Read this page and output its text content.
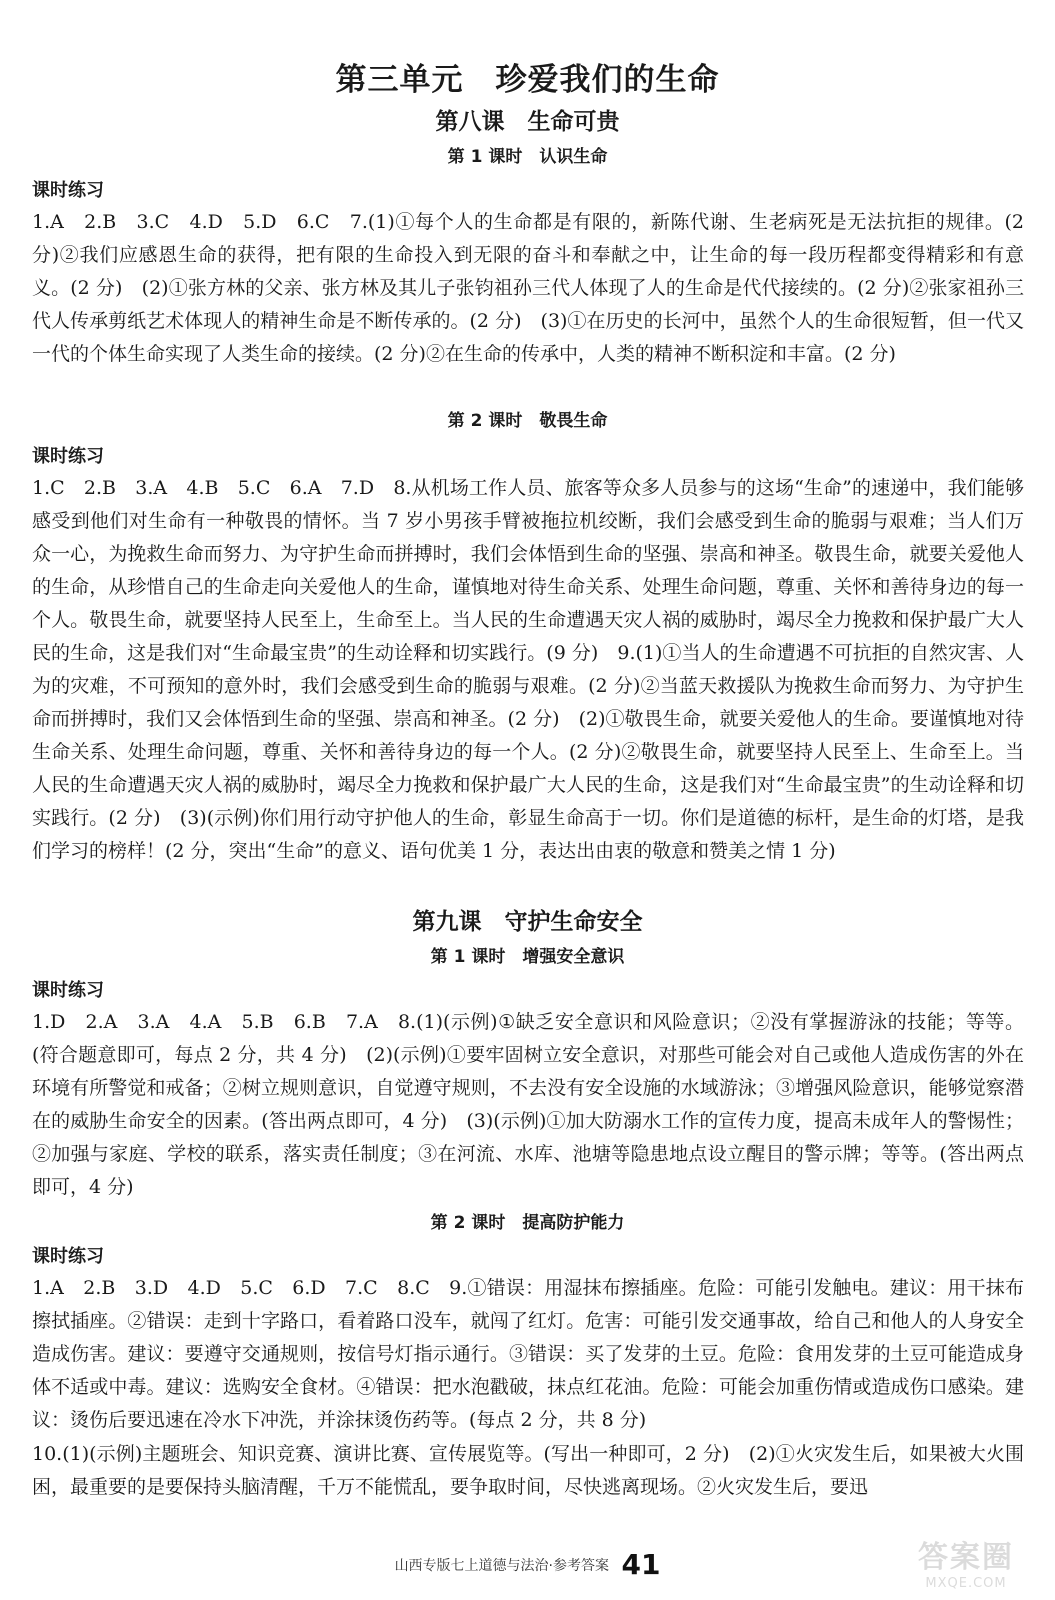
第三单元　珍爱我们的生命
第八课　生命可贵
第 1 课时　认识生命
课时练习
1.A　2.B　3.C　4.D　5.D　6.C　7.(1)①每个人的生命都是有限的，新陈代谢、生老病死是无法抗拒的规律。(2 分)②我们应感恩生命的获得，把有限的生命投入到无限的奋斗和奉献之中，让生命的每一段历程都变得精彩和有意义。(2 分)　(2)①张方林的父亲、张方林及其儿子张钧祖孙三代人体现了人的生命是代代接续的。(2 分)②张家祖孙三代人传承剪纸艺术体现人的精神生命是不断传承的。(2 分)　(3)①在历史的长河中，虽然个人的生命很短暂，但一代又一代的个体生命实现了人类生命的接续。(2 分)②在生命的传承中，人类的精神不断积淀和丰富。(2 分)
第 2 课时　敬畏生命
课时练习
1.C　2.B　3.A　4.B　5.C　6.A　7.D　8.从机场工作人员、旅客等众多人员参与的这场“生命”的速递中，我们能够感受到他们对生命有一种敬畏的情怀。当 7 岁小男孩手臂被拖拉机绞断，我们会感受到生命的脆弱与艰难；当人们万众一心，为挽救生命而努力、为守护生命而拼搏时，我们会体悟到生命的坚强、崇高和神圣。敬畏生命，就要关爱他人的生命，从珍惜自己的生命走向关爱他人的生命，谨慎地对待生命关系、处理生命问题，尊重、关怀和善待身边的每一个人。敬畏生命，就要坚持人民至上，生命至上。当人民的生命遭遇天灾人祸的威胁时，竭尽全力挽救和保护最广大人民的生命，这是我们对“生命最宝贵”的生动诠释和切实践行。(9 分)　9.(1)①当人的生命遭遇不可抗拒的自然灾害、人为的灾难，不可预知的意外时，我们会感受到生命的脆弱与艰难。(2 分)②当蓝天救援队为挽救生命而努力、为守护生命而拼搏时，我们又会体悟到生命的坚强、崇高和神圣。(2 分)　(2)①敬畏生命，就要关爱他人的生命。要谨慎地对待生命关系、处理生命问题，尊重、关怀和善待身边的每一个人。(2 分)②敬畏生命，就要坚持人民至上、生命至上。当人民的生命遭遇天灾人祸的威胁时，竭尽全力挽救和保护最广大人民的生命，这是我们对“生命最宝贵”的生动诠释和切实践行。(2 分)　(3)(示例)你们用行动守护他人的生命，彰显生命高于一切。你们是道德的标杆，是生命的灯塔，是我们学习的榜样！(2 分，突出“生命”的意义、语句优美 1 分，表达出由衷的敬意和赞美之情 1 分)
第九课　守护生命安全
第 1 课时　增强安全意识
课时练习
1.D　2.A　3.A　4.A　5.B　6.B　7.A　8.(1)(示例)①缺乏安全意识和风险意识；②没有掌握游泳的技能；等等。(符合题意即可，每点 2 分，共 4 分)　(2)(示例)①要牢固树立安全意识，对那些可能会对自己或他人造成伤害的外在环境有所警觉和戒备；②树立规则意识，自觉遵守规则，不去没有安全设施的水域游泳；③增强风险意识，能够觉察潜在的威胁生命安全的因素。(答出两点即可，4 分)　(3)(示例)①加大防溺水工作的宣传力度，提高未成年人的警惕性；②加强与家庭、学校的联系，落实责任制度；③在河流、水库、池塘等隐患地点设立醒目的警示牌；等等。(答出两点即可，4 分)
第 2 课时　提高防护能力
课时练习
1.A　2.B　3.D　4.D　5.C　6.D　7.C　8.C　9.①错误：用湿抹布擦插座。危险：可能引发触电。建议：用干抹布擦拭插座。②错误：走到十字路口，看着路口没车，就闯了红灯。危害：可能引发交通事故，给自己和他人的人身安全造成伤害。建议：要遵守交通规则，按信号灯指示通行。③错误：买了发芽的土豆。危险：食用发芽的土豆可能造成身体不适或中毒。建议：选购安全食材。④错误：把水泡戳破，抹点红花油。危险：可能会加重伤情或造成伤口感染。建议：烫伤后要迅速在冷水下冲洗，并涂抹烫伤药等。(每点 2 分，共 8 分)
10.(1)(示例)主题班会、知识竞赛、演讲比赛、宣传展览等。(写出一种即可，2 分)　(2)①火灾发生后，如果被大火围困，最重要的是要保持头脑清醒，千万不能慌乱，要争取时间，尽快逃离现场。②火灾发生后，要迅
山西专版七上道德与法治·参考答案 41	答案圈
MXQE.COM
